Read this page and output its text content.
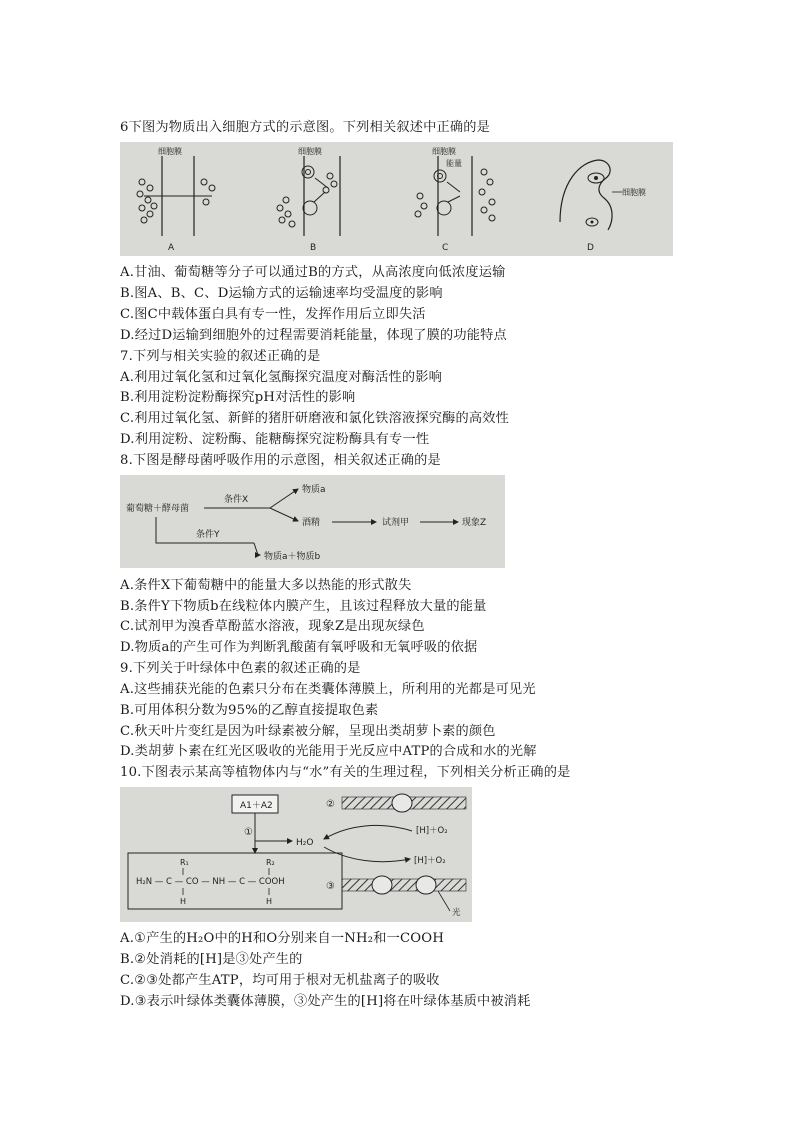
6下图为物质出入细胞方式的示意图。下列相关叙述中正确的是
细胞膜
A
细胞膜
B
细胞膜
能量
C
细胞膜
D
A.甘油、葡萄糖等分子可以通过B的方式，从高浓度向低浓度运输
B.图A、B、C、D运输方式的运输速率均受温度的影响
C.图C中载体蛋白具有专一性，发挥作用后立即失活
D.经过D运输到细胞外的过程需要消耗能量，体现了膜的功能特点
7.下列与相关实验的叙述正确的是
A.利用过氧化氢和过氧化氢酶探究温度对酶活性的影响
B.利用淀粉淀粉酶探究pH对活性的影响
C.利用过氧化氢、新鲜的猪肝研磨液和氯化铁溶液探究酶的高效性
D.利用淀粉、淀粉酶、能糖酶探究淀粉酶具有专一性
8.下图是酵母菌呼吸作用的示意图，相关叙述正确的是
葡萄糖＋酵母菌
条件X
物质a
酒精	试剂甲	现象Z
条件Y
物质a＋物质b
A.条件X下葡萄糖中的能量大多以热能的形式散失
B.条件Y下物质b在线粒体内膜产生，且该过程释放大量的能量
C.试剂甲为溴香草酚蓝水溶液，现象Z是出现灰绿色
D.物质a的产生可作为判断乳酸菌有氧呼吸和无氧呼吸的依据
9.下列关于叶绿体中色素的叙述正确的是
A.这些捕获光能的色素只分布在类囊体薄膜上，所利用的光都是可见光
B.可用体积分数为95%的乙醇直接提取色素
C.秋天叶片变红是因为叶绿素被分解，呈现出类胡萝卜素的颜色
D.类胡萝卜素在红光区吸收的光能用于光反应中ATP的合成和水的光解
10.下图表示某高等植物体内与“水”有关的生理过程，下列相关分析正确的是
A1＋A2
①
H₂O
R₁	R₂
H₂N — C — CO — NH — C — COOH
H	H
②
③
[H]＋O₂
[H]＋O₂
光
A.①产生的H₂O中的H和O分别来自一NH₂和一COOH
B.②处消耗的[H]是③处产生的
C.②③处都产生ATP，均可用于根对无机盐离子的吸收
D.③表示叶绿体类囊体薄膜，③处产生的[H]将在叶绿体基质中被消耗
